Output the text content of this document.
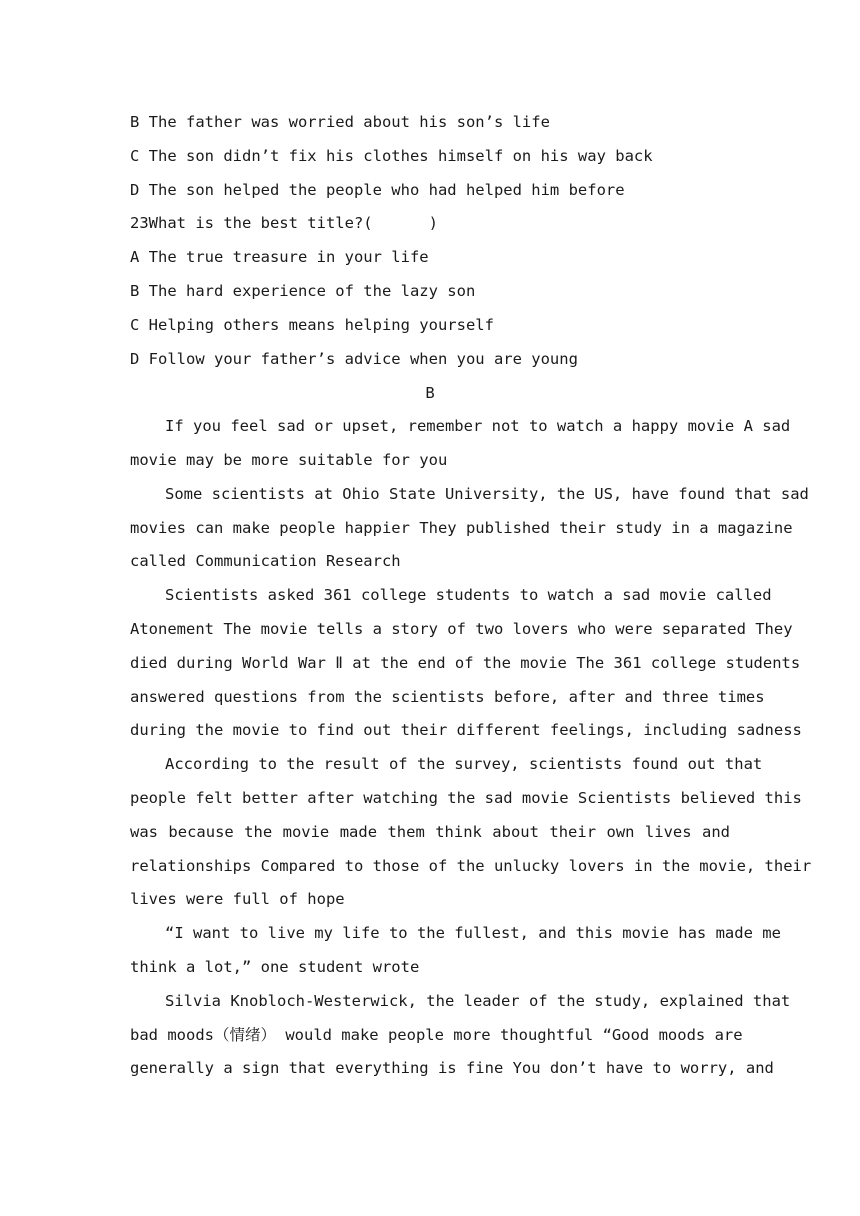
B The father was worried about his son’s life
C The son didn’t fix his clothes himself on his way back
D The son helped the people who had helped him before
23What is the best title?(      )
A The true treasure in your life
B The hard experience of the lazy son
C Helping others means helping yourself
D Follow your father’s advice when you are young
B
If you feel sad or upset, remember not to watch a happy movie A sad
movie may be more suitable for you
Some scientists at Ohio State University, the US, have found that sad
movies can make people happier They published their study in a magazine
called Communication Research
Scientists asked 361 college students to watch a sad movie called
Atonement The movie tells a story of two lovers who were separated They
died during World War Ⅱ at the end of the movie The 361 college students
answered questions from the scientists before, after and three times
during the movie to find out their different feelings, including sadness
According to the result of the survey, scientists found out that
people felt better after watching the sad movie Scientists believed this
was because the movie made them think about their own lives and
relationships Compared to those of the unlucky lovers in the movie, their
lives were full of hope
“I want to live my life to the fullest, and this movie has made me
think a lot,” one student wrote
Silvia Knobloch-Westerwick, the leader of the study, explained that
bad moods（情绪） would make people more thoughtful “Good moods are
generally a sign that everything is fine You don’t have to worry, and
